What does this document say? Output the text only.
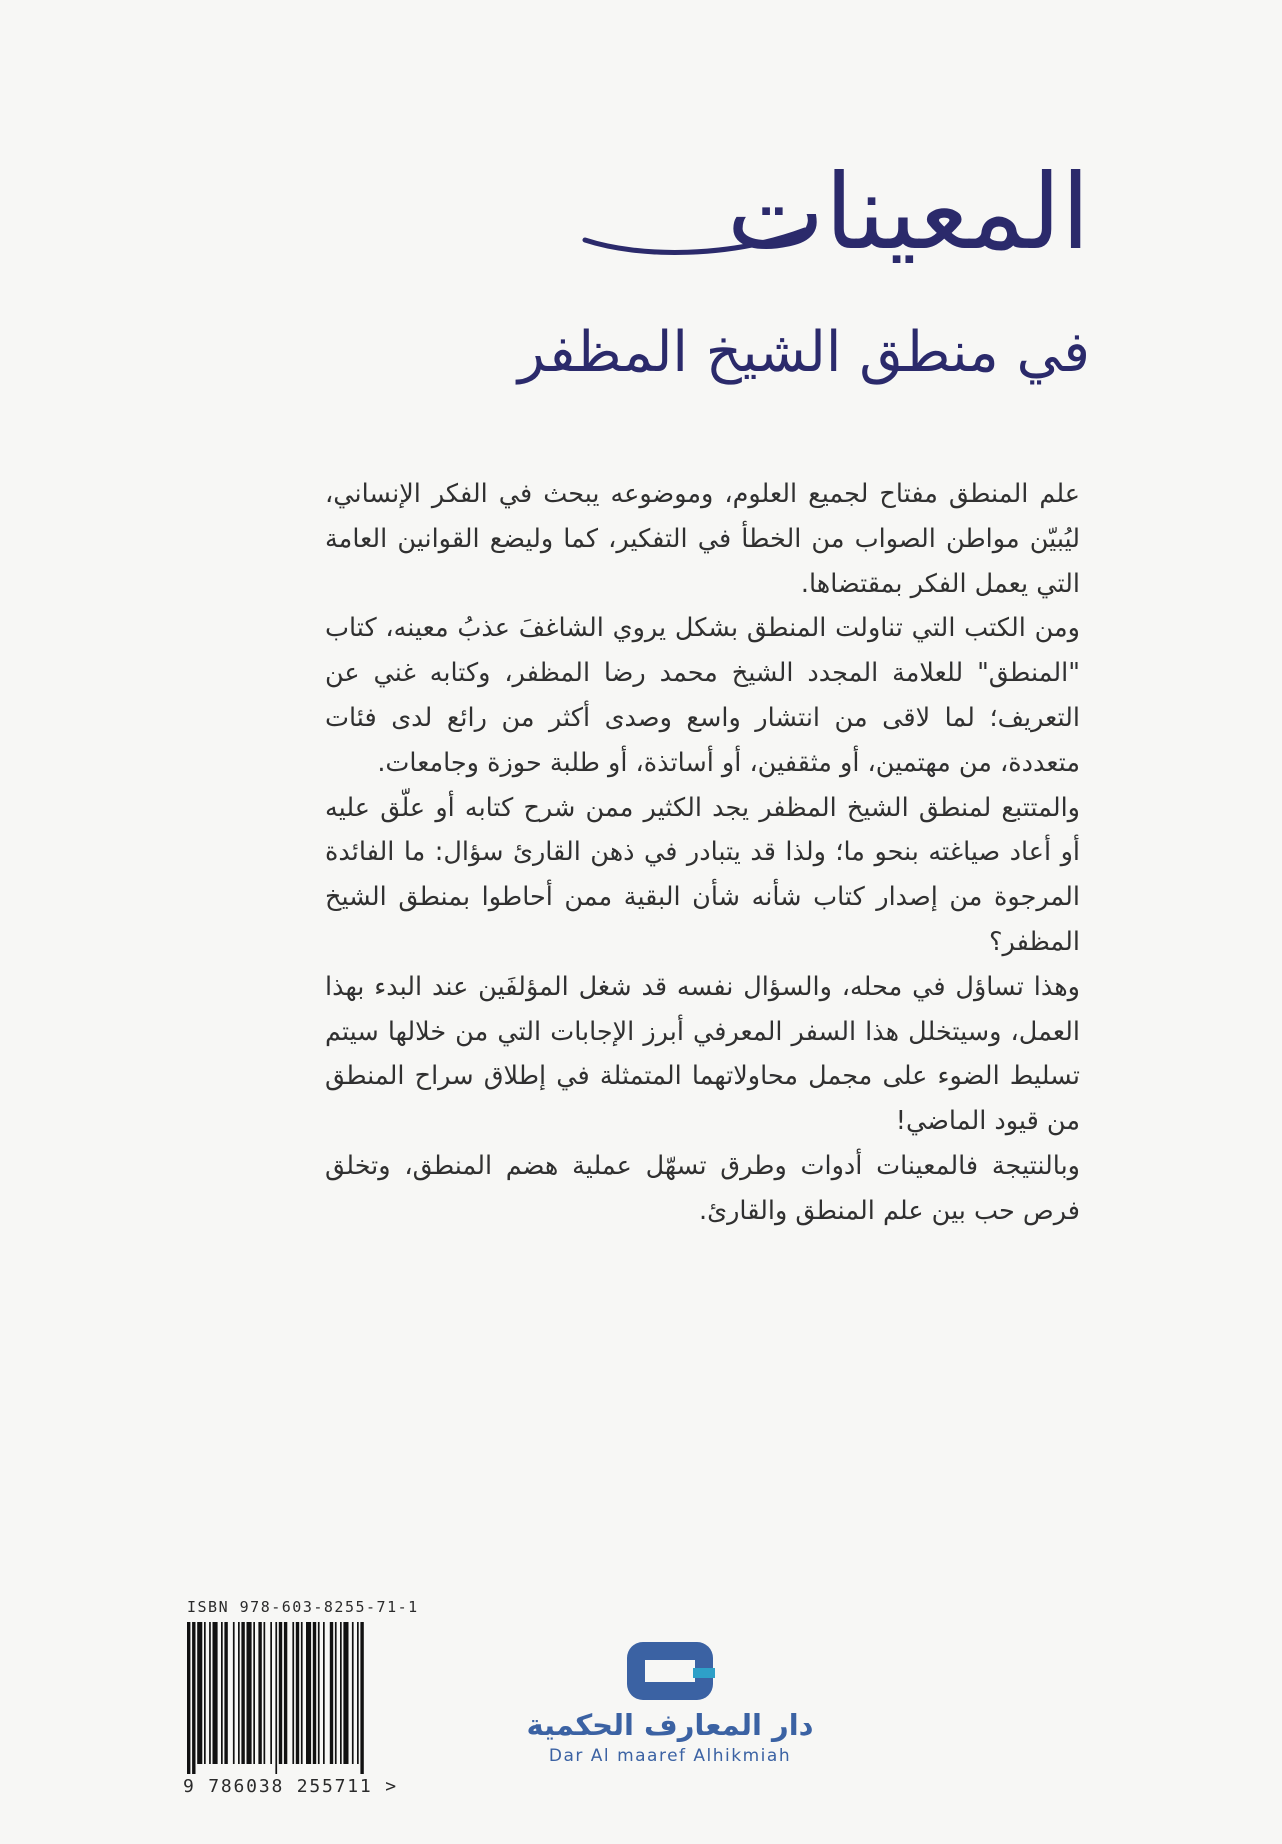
المعينات
في منطق الشيخ المظفر

علم المنطق مفتاح لجميع العلوم، وموضوعه يبحث في الفكر الإنساني، ليُبيّن مواطن الصواب من الخطأ في التفكير، كما وليضع القوانين العامة التي يعمل الفكر بمقتضاها.

ومن الكتب التي تناولت المنطق بشكل يروي الشاغفَ عذبُ معينه، كتاب "المنطق" للعلامة المجدد الشيخ محمد رضا المظفر، وكتابه غني عن التعريف؛ لما لاقى من انتشار واسع وصدى أكثر من رائع لدى فئات متعددة، من مهتمين، أو مثقفين، أو أساتذة، أو طلبة حوزة وجامعات.

والمتتبع لمنطق الشيخ المظفر يجد الكثير ممن شرح كتابه أو علّق عليه أو أعاد صياغته بنحو ما؛ ولذا قد يتبادر في ذهن القارئ سؤال: ما الفائدة المرجوة من إصدار كتاب شأنه شأن البقية ممن أحاطوا بمنطق الشيخ المظفر؟

وهذا تساؤل في محله، والسؤال نفسه قد شغل المؤلفَين عند البدء بهذا العمل، وسيتخلل هذا السفر المعرفي أبرز الإجابات التي من خلالها سيتم تسليط الضوء على مجمل محاولاتهما المتمثلة في إطلاق سراح المنطق من قيود الماضي!

وبالنتيجة فالمعينات أدوات وطرق تسهّل عملية هضم المنطق، وتخلق فرص حب بين علم المنطق والقارئ.

ISBN 978-603-8255-71-1
9 786038 255711 >
دار المعارف الحكمية
Dar Al maaref Alhikmiah
